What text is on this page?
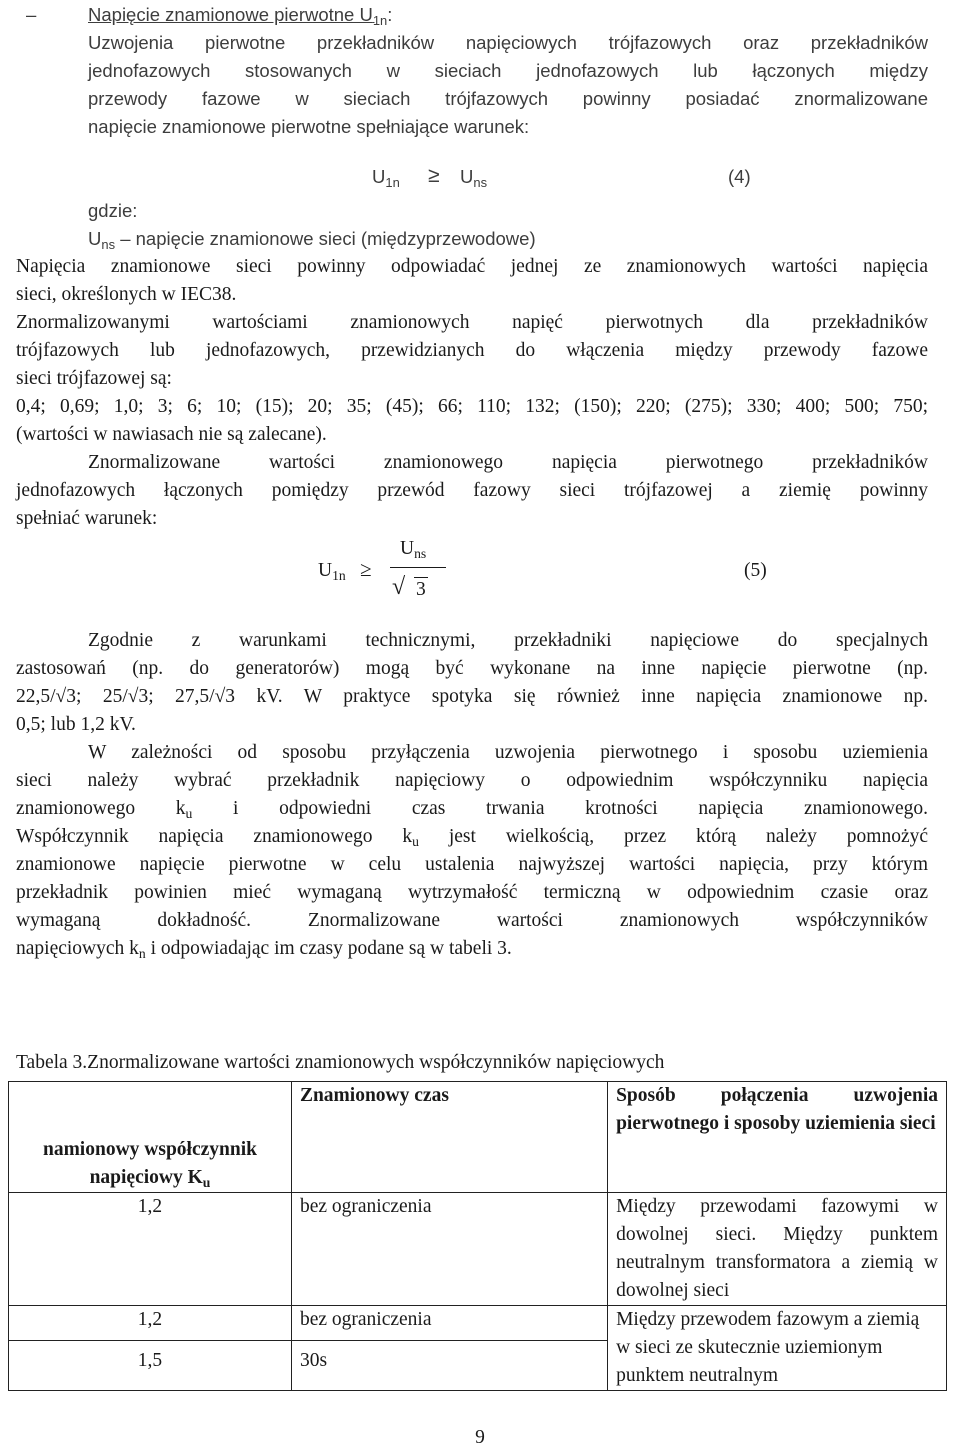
–	Napięcie znamionowe pierwotne $U_{1n}$:

Uzwojenia pierwotne przekładników napięciowych trójfazowych oraz przekładników

jednofazowych stosowanych w sieciach jednofazowych lub łączonych między

przewody fazowe w sieciach trójfazowych powinny posiadać znormalizowane

napięcie znamionowe pierwotne spełniające warunek:

$U_{1n} \ge U_{ns}$	(4)

gdzie:

$U_{ns}$ – napięcie znamionowe sieci (międzyprzewodowe)

Napięcia znamionowe sieci powinny odpowiadać jednej ze znamionowych wartości napięcia

sieci, określonych w IEC38.

Znormalizowanymi wartościami znamionowych napięć pierwotnych dla przekładników

trójfazowych lub jednofazowych, przewidzianych do włączenia między przewody fazowe

sieci trójfazowej są:

0,4; 0,69; 1,0; 3; 6; 10; (15); 20; 35; (45); 66; 110; 132; (150); 220; (275); 330; 400; 500; 750;

(wartości w nawiasach nie są zalecane).

Znormalizowane wartości znamionowego napięcia pierwotnego przekładników

jednofazowych łączonych pomiędzy przewód fazowy sieci trójfazowej a ziemię powinny

spełniać warunek:

$U_{1n}$ ≥
$U_{ns}$
√ 3
(5)

Zgodnie z warunkami technicznymi, przekładniki napięciowe do specjalnych

zastosowań (np. do generatorów) mogą być wykonane na inne napięcie pierwotne (np.

22,5/√3; 25/√3; 27,5/√3 kV. W praktyce spotyka się również inne napięcia znamionowe np.

0,5; lub 1,2 kV.

W zależności od sposobu przyłączenia uzwojenia pierwotnego i sposobu uziemienia

sieci należy wybrać przekładnik napięciowy o odpowiednim współczynniku napięcia

znamionowego $k_u$ i odpowiedni czas trwania krotności napięcia znamionowego.

Współczynnik napięcia znamionowego $k_u$ jest wielkością, przez którą należy pomnożyć

znamionowe napięcie pierwotne w celu ustalenia najwyższej wartości napięcia, przy którym

przekładnik powinien mieć wymaganą wytrzymałość termiczną w odpowiednim czasie oraz

wymaganą dokładność. Znormalizowane wartości znamionowych współczynników

napięciowych $k_n$ i odpowiadając im czasy podane są w tabeli 3.

Tabela 3.Znormalizowane wartości znamionowych współczynników napięciowych

namionowy współczynnik napięciowy $K_u$	Znamionowy czas	Sposób połączenia uzwojenia pierwotnego i sposoby uziemienia sieci
1,2	bez ograniczenia	Między przewodami fazowymi w dowolnej sieci. Między punktem neutralnym transformatora a ziemią w dowolnej sieci
1,2	bez ograniczenia	Między przewodem fazowym a ziemią w sieci ze skutecznie uziemionym punktem neutralnym
1,5	30s	
9
